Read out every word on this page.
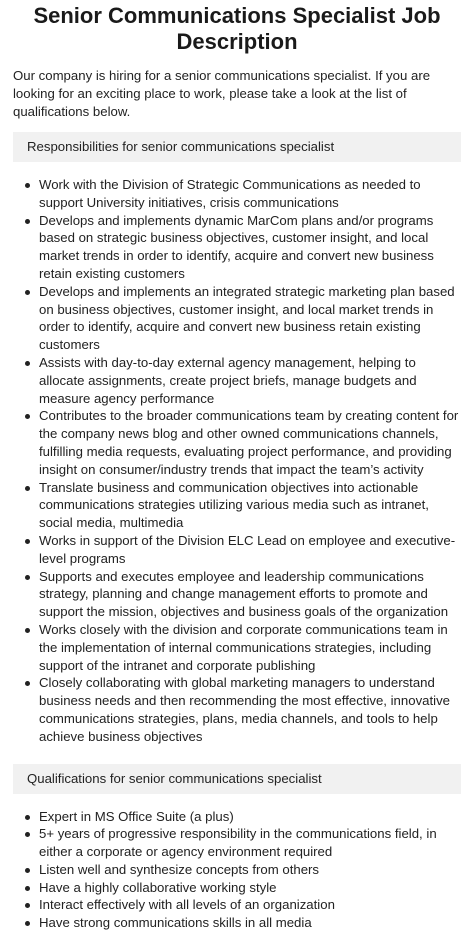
Senior Communications Specialist Job Description

Our company is hiring for a senior communications specialist. If you are looking for an exciting place to work, please take a look at the list of qualifications below.

Responsibilities for senior communications specialist
Work with the Division of Strategic Communications as needed to support University initiatives, crisis communications
Develops and implements dynamic MarCom plans and/or programs based on strategic business objectives, customer insight, and local market trends in order to identify, acquire and convert new business retain existing customers
Develops and implements an integrated strategic marketing plan based on business objectives, customer insight, and local market trends in order to identify, acquire and convert new business retain existing customers
Assists with day-to-day external agency management, helping to allocate assignments, create project briefs, manage budgets and measure agency performance
Contributes to the broader communications team by creating content for the company news blog and other owned communications channels, fulfilling media requests, evaluating project performance, and providing insight on consumer/industry trends that impact the team’s activity
Translate business and communication objectives into actionable communications strategies utilizing various media such as intranet, social media, multimedia
Works in support of the Division ELC Lead on employee and executive-level programs
Supports and executes employee and leadership communications strategy, planning and change management efforts to promote and support the mission, objectives and business goals of the organization
Works closely with the division and corporate communications team in the implementation of internal communications strategies, including support of the intranet and corporate publishing
Closely collaborating with global marketing managers to understand business needs and then recommending the most effective, innovative communications strategies, plans, media channels, and tools to help achieve business objectives
Qualifications for senior communications specialist
Expert in MS Office Suite (a plus)
5+ years of progressive responsibility in the communications field, in either a corporate or agency environment required
Listen well and synthesize concepts from others
Have a highly collaborative working style
Interact effectively with all levels of an organization
Have strong communications skills in all media
